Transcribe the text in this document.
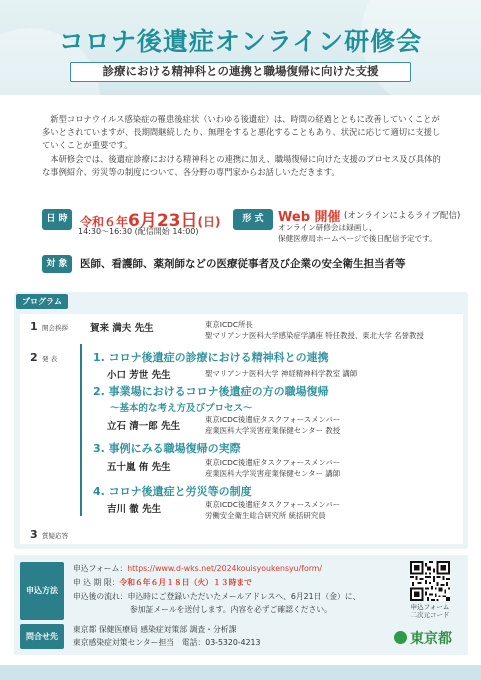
コロナ後遺症オンライン研修会
診療における精神科との連携と職場復帰に向けた支援

新型コロナウイルス感染症の罹患後症状（いわゆる後遺症）は、時間の経過とともに改善していくことが多いとされていますが、長期間継続したり、無理をすると悪化することもあり、状況に応じて適切に支援していくことが重要です。

本研修会では、後遺症診療における精神科との連携に加え、職場復帰に向けた支援のプロセス及び具体的な事例紹介、労災等の制度について、各分野の専門家からお話しいただきます。

日 時	令和６年6月23日(日)
14:30～16:30 (配信開始 14:00)
形 式	Web 開催 (オンラインによるライブ配信)
オンライン研修会は録画し、
保健医療局ホームページで後日配信予定です。
対 象	医師、看護師、薬剤師などの医療従事者及び企業の安全衛生担当者等
プログラム
1 開会挨拶 賀来 満夫 先生	東京ICDC所長
聖マリアンナ医科大学感染症学講座 特任教授、東北大学 名誉教授
2 発 表	1. コロナ後遺症の診療における精神科との連携
小口 芳世 先生	聖マリアンナ医科大学 神経精神科学教室 講師
2. 事業場におけるコロナ後遺症の方の職場復帰
～基本的な考え方及びプロセス～
立石 清一郎 先生
東京ICDC後遺症タスクフォースメンバー
産業医科大学災害産業保健センター 教授
3. 事例にみる職場復帰の実際
五十嵐 侑 先生	東京ICDC後遺症タスクフォースメンバー
産業医科大学災害産業保健センター 講師
4. コロナ後遺症と労災等の制度
吉川 徹 先生	東京ICDC後遺症タスクフォースメンバー
労働安全衛生総合研究所 統括研究員
3 質疑応答
申込方法
申込フォーム：https://www.d-wks.net/2024kouisyoukensyu/form/
申 込 期 限：令和６年６月１８日（火）１３時まで
申込後の流れ：申込時にご登録いただいたメールアドレスへ、6月21日（金）に、
参加証メールを送付します。内容を必ずご確認ください。	申込フォーム
二次元コード
問合せ先
東京都 保健医療局 感染症対策部 調査・分析課
東京感染症対策センター担当　電話：03-5320-4213	東京都
